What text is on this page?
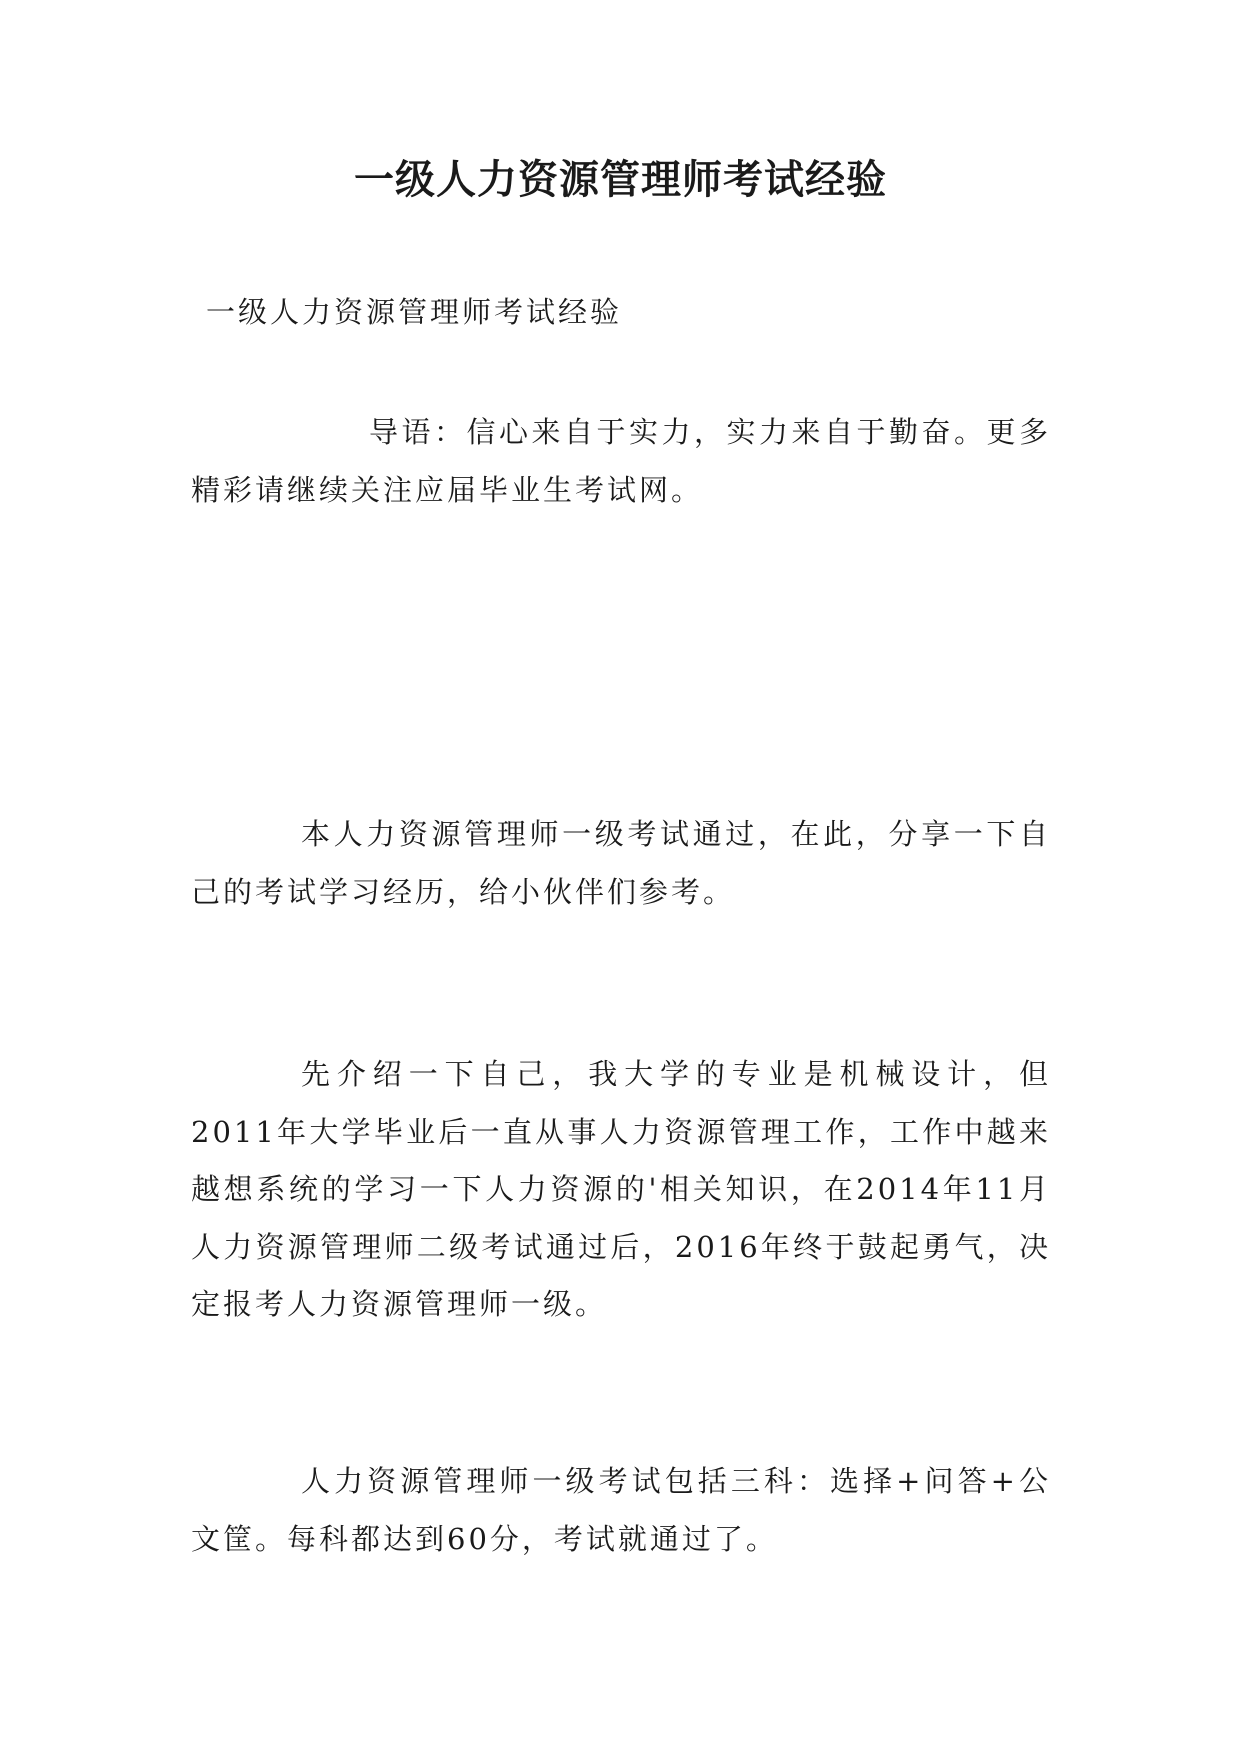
一级人力资源管理师考试经验

一级人力资源管理师考试经验

导语：信心来自于实力，实力来自于勤奋。更多精彩请继续关注应届毕业生考试网。

本人力资源管理师一级考试通过，在此，分享一下自己的考试学习经历，给小伙伴们参考。

先介绍一下自己，我大学的专业是机械设计，但2011年大学毕业后一直从事人力资源管理工作，工作中越来越想系统的学习一下人力资源的'相关知识，在2014年11月人力资源管理师二级考试通过后，2016年终于鼓起勇气，决定报考人力资源管理师一级。

人力资源管理师一级考试包括三科：选择+问答+公文筐。每科都达到60分，考试就通过了。
